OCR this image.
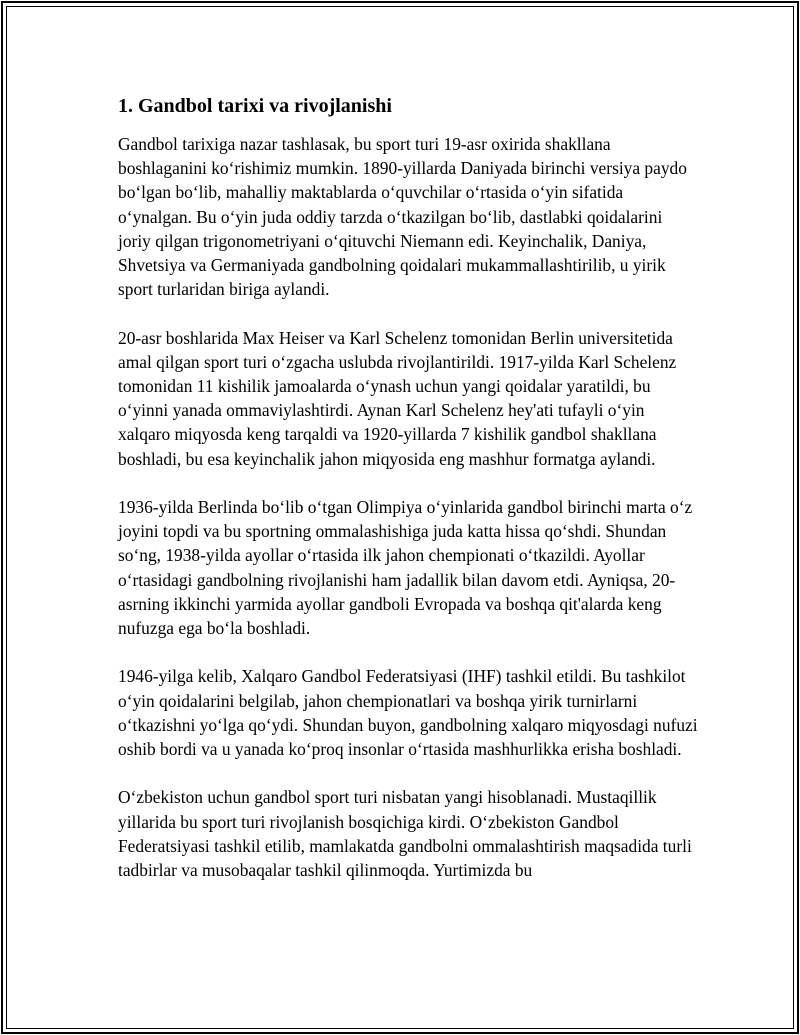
1. Gandbol tarixi va rivojlanishi

Gandbol tarixiga nazar tashlasak, bu sport turi 19-asr oxirida shakllana boshlaganini koʻrishimiz mumkin. 1890-yillarda Daniyada birinchi versiya paydo boʻlgan boʻlib, mahalliy maktablarda oʻquvchilar oʻrtasida oʻyin sifatida oʻynalgan. Bu oʻyin juda oddiy tarzda oʻtkazilgan boʻlib, dastlabki qoidalarini joriy qilgan trigonometriyani oʻqituvchi Niemann edi. Keyinchalik, Daniya, Shvetsiya va Germaniyada gandbolning qoidalari mukammallashtirilib, u yirik sport turlaridan biriga aylandi.

20-asr boshlarida Max Heiser va Karl Schelenz tomonidan Berlin universitetida amal qilgan sport turi oʻzgacha uslubda rivojlantirildi. 1917-yilda Karl Schelenz tomonidan 11 kishilik jamoalarda oʻynash uchun yangi qoidalar yaratildi, bu oʻyinni yanada ommaviylashtirdi. Aynan Karl Schelenz hey'ati tufayli oʻyin xalqaro miqyosda keng tarqaldi va 1920-yillarda 7 kishilik gandbol shakllana boshladi, bu esa keyinchalik jahon miqyosida eng mashhur formatga aylandi.

1936-yilda Berlinda boʻlib oʻtgan Olimpiya oʻyinlarida gandbol birinchi marta oʻz joyini topdi va bu sportning ommalashishiga juda katta hissa qoʻshdi. Shundan soʻng, 1938-yilda ayollar oʻrtasida ilk jahon chempionati oʻtkazildi. Ayollar oʻrtasidagi gandbolning rivojlanishi ham jadallik bilan davom etdi. Ayniqsa, 20-asrning ikkinchi yarmida ayollar gandboli Evropada va boshqa qit'alarda keng nufuzga ega boʻla boshladi.

1946-yilga kelib, Xalqaro Gandbol Federatsiyasi (IHF) tashkil etildi. Bu tashkilot oʻyin qoidalarini belgilab, jahon chempionatlari va boshqa yirik turnirlarni oʻtkazishni yoʻlga qoʻydi. Shundan buyon, gandbolning xalqaro miqyosdagi nufuzi oshib bordi va u yanada koʻproq insonlar oʻrtasida mashhurlikka erisha boshladi.

Oʻzbekiston uchun gandbol sport turi nisbatan yangi hisoblanadi. Mustaqillik yillarida bu sport turi rivojlanish bosqichiga kirdi. Oʻzbekiston Gandbol Federatsiyasi tashkil etilib, mamlakatda gandbolni ommalashtirish maqsadida turli tadbirlar va musobaqalar tashkil qilinmoqda. Yurtimizda bu
